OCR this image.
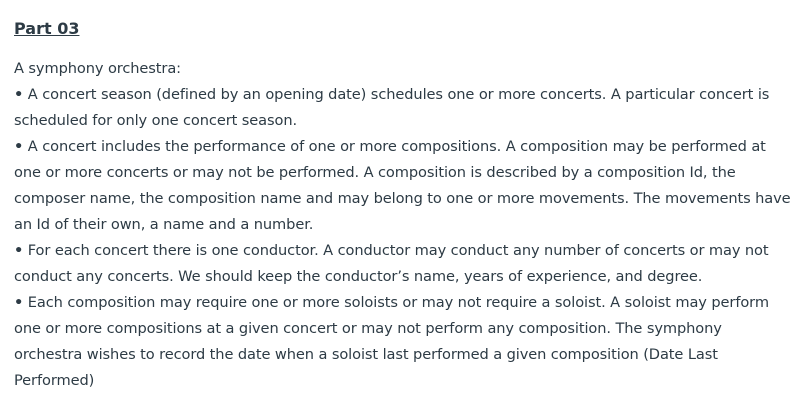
Part 03

A symphony orchestra:

• A concert season (defined by an opening date) schedules one or more concerts. A particular concert is scheduled for only one concert season.

• A concert includes the performance of one or more compositions. A composition may be performed at one or more concerts or may not be performed. A composition is described by a composition Id, the composer name, the composition name and may belong to one or more movements. The movements have an Id of their own, a name and a number.

• For each concert there is one conductor. A conductor may conduct any number of concerts or may not conduct any concerts. We should keep the conductor’s name, years of experience, and degree.

• Each composition may require one or more soloists or may not require a soloist. A soloist may perform one or more compositions at a given concert or may not perform any composition. The symphony orchestra wishes to record the date when a soloist last performed a given composition (Date Last Performed)
